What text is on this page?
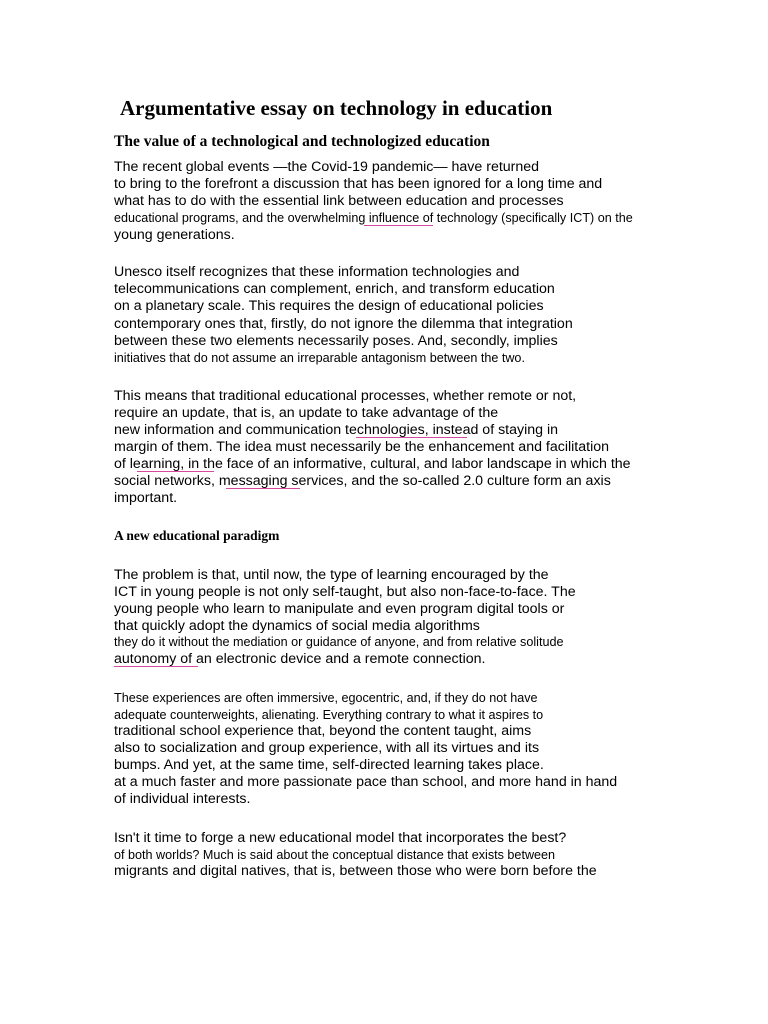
Argumentative essay on technology in education
The value of a technological and technologized education
The recent global events —the Covid-19 pandemic— have returned
to bring to the forefront a discussion that has been ignored for a long time and
what has to do with the essential link between education and processes
educational programs, and the overwhelming influence of technology (specifically ICT) on the
young generations.
Unesco itself recognizes that these information technologies and
telecommunications can complement, enrich, and transform education
on a planetary scale. This requires the design of educational policies
contemporary ones that, firstly, do not ignore the dilemma that integration
between these two elements necessarily poses. And, secondly, implies
initiatives that do not assume an irreparable antagonism between the two.
This means that traditional educational processes, whether remote or not,
require an update, that is, an update to take advantage of the
new information and communication technologies, instead of staying in
margin of them. The idea must necessarily be the enhancement and facilitation
of learning, in the face of an informative, cultural, and labor landscape in which the
social networks, messaging services, and the so-called 2.0 culture form an axis
important.
A new educational paradigm
The problem is that, until now, the type of learning encouraged by the
ICT in young people is not only self-taught, but also non-face-to-face. The
young people who learn to manipulate and even program digital tools or
that quickly adopt the dynamics of social media algorithms
they do it without the mediation or guidance of anyone, and from relative solitude
autonomy of an electronic device and a remote connection.
These experiences are often immersive, egocentric, and, if they do not have
adequate counterweights, alienating. Everything contrary to what it aspires to
traditional school experience that, beyond the content taught, aims
also to socialization and group experience, with all its virtues and its
bumps. And yet, at the same time, self-directed learning takes place.
at a much faster and more passionate pace than school, and more hand in hand
of individual interests.
Isn't it time to forge a new educational model that incorporates the best?
of both worlds? Much is said about the conceptual distance that exists between
migrants and digital natives, that is, between those who were born before the
